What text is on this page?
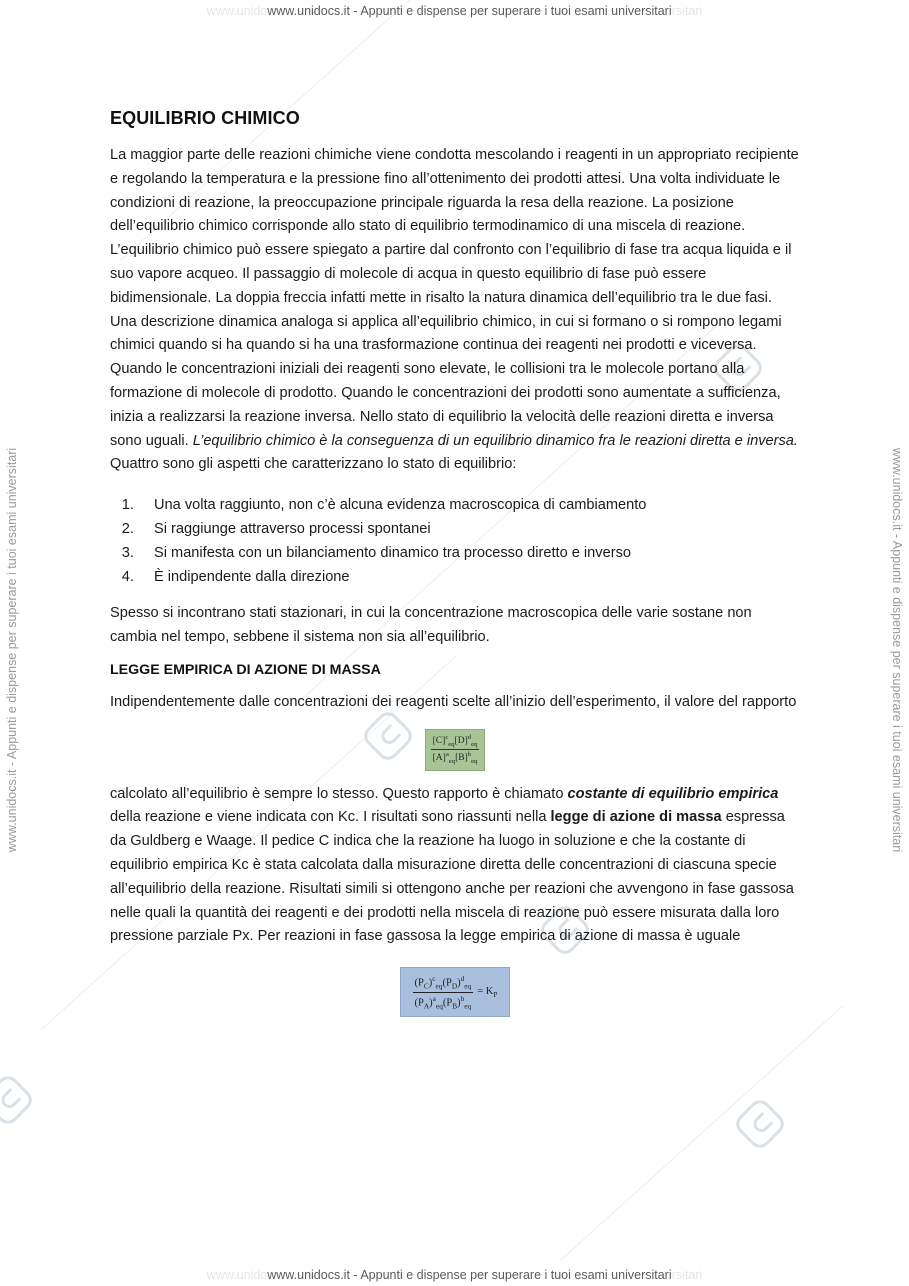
www.unidowww.unidocs.it - Appunti e dispense per superare i tuoi esami universitarirsitari
www.unidowww.unidocs.it - Appunti e dispense per superare i tuoi esami universitarirsitari
www.unidocs.it - Appunti e dispense per superare i tuoi esami universitari	www.unidocs.it - Appunti e dispense per superare i tuoi esami universitari
EQUILIBRIO CHIMICO

La maggior parte delle reazioni chimiche viene condotta mescolando i reagenti in un appropriato recipiente e regolando la temperatura e la pressione fino all’ottenimento dei prodotti attesi. Una volta individuate le condizioni di reazione, la preoccupazione principale riguarda la resa della reazione. La posizione dell’equilibrio chimico corrisponde allo stato di equilibrio termodinamico di una miscela di reazione. L’equilibrio chimico può essere spiegato a partire dal confronto con l’equilibrio di fase tra acqua liquida e il suo vapore acqueo. Il passaggio di molecole di acqua in questo equilibrio di fase può essere bidimensionale. La doppia freccia infatti mette in risalto la natura dinamica dell’equilibrio tra le due fasi. Una descrizione dinamica analoga si applica all’equilibrio chimico, in cui si formano o si rompono legami chimici quando si ha quando si ha una trasformazione continua dei reagenti nei prodotti e viceversa. Quando le concentrazioni iniziali dei reagenti sono elevate, le collisioni tra le molecole portano alla formazione di molecole di prodotto. Quando le concentrazioni dei prodotti sono aumentate a sufficienza, inizia a realizzarsi la reazione inversa. Nello stato di equilibrio la velocità delle reazioni diretta e inversa sono uguali. L’equilibrio chimico è la conseguenza di un equilibrio dinamico fra le reazioni diretta e inversa. Quattro sono gli aspetti che caratterizzano lo stato di equilibrio:

1. Una volta raggiunto, non c’è alcuna evidenza macroscopica di cambiamento
2. Si raggiunge attraverso processi spontanei
3. Si manifesta con un bilanciamento dinamico tra processo diretto e inverso
4. È indipendente dalla direzione

Spesso si incontrano stati stazionari, in cui la concentrazione macroscopica delle varie sostane non cambia nel tempo, sebbene il sistema non sia all’equilibrio.

LEGGE EMPIRICA DI AZIONE DI MASSA

Indipendentemente dalle concentrazioni dei reagenti scelte all’inizio dell’esperimento, il valore del rapporto

$[C]^c_{eq}[D]^d_{eq}$
$[A]^a_{eq}[B]^b_{eq}$

calcolato all’equilibrio è sempre lo stesso. Questo rapporto è chiamato costante di equilibrio empirica della reazione e viene indicata con Kc. I risultati sono riassunti nella legge di azione di massa espressa da Guldberg e Waage. Il pedice C indica che la reazione ha luogo in soluzione e che la costante di equilibrio empirica Kc è stata calcolata dalla misurazione diretta delle concentrazioni di ciascuna specie all’equilibrio della reazione. Risultati simili si ottengono anche per reazioni che avvengono in fase gassosa nelle quali la quantità dei reagenti e dei prodotti nella miscela di reazione può essere misurata dalla loro pressione parziale Px. Per reazioni in fase gassosa la legge empirica di azione di massa è uguale

$\frac{(P_C)^c_{eq}(P_D)^d_{eq}}{(P_A)^a_{eq}(P_B)^b_{eq}} = K_P$
